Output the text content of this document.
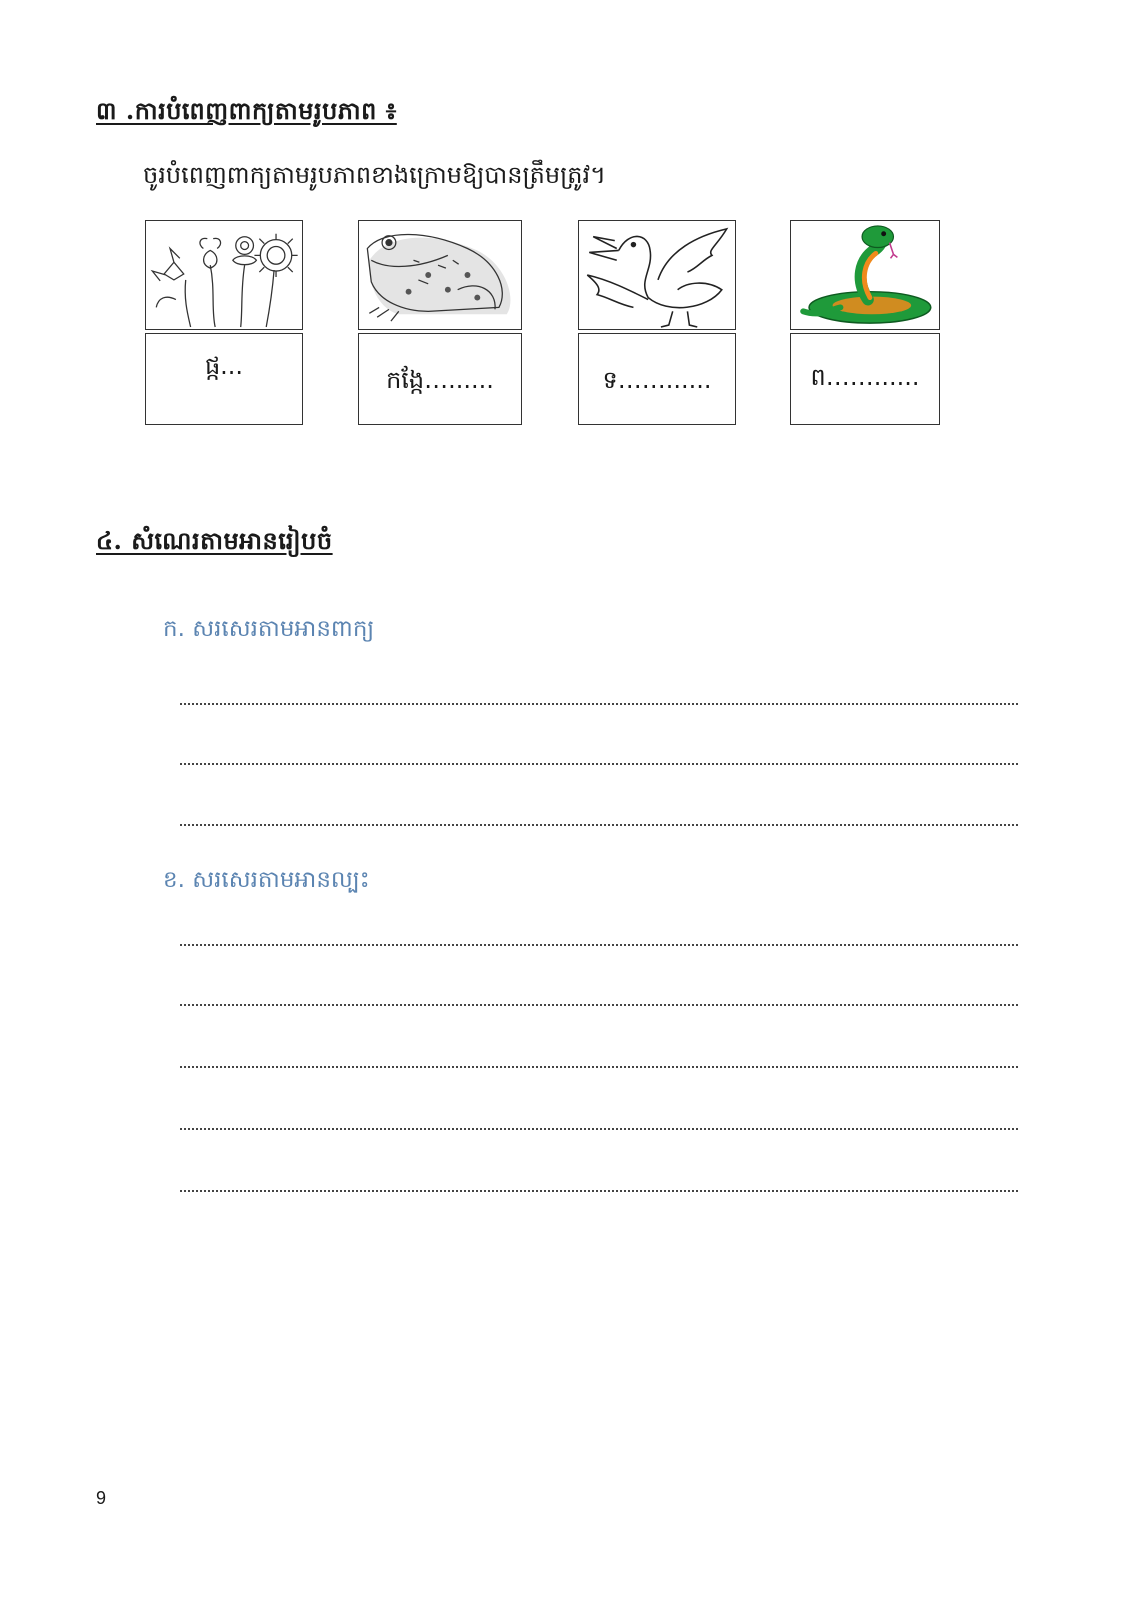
៣ .ការបំពេញពាក្យតាមរូបភាព ៖
ចូរបំពេញពាក្យតាមរូបភាពខាងក្រោមឱ្យបានត្រឹមត្រូវ។
ផ្ក...	កង្កែ…......	ទ……......	ព……......
៤. សំណេរតាមអានរៀបចំ
ក. សរសេរតាមអានពាក្យ
ខ. សរសេរតាមអានល្បះ
9
